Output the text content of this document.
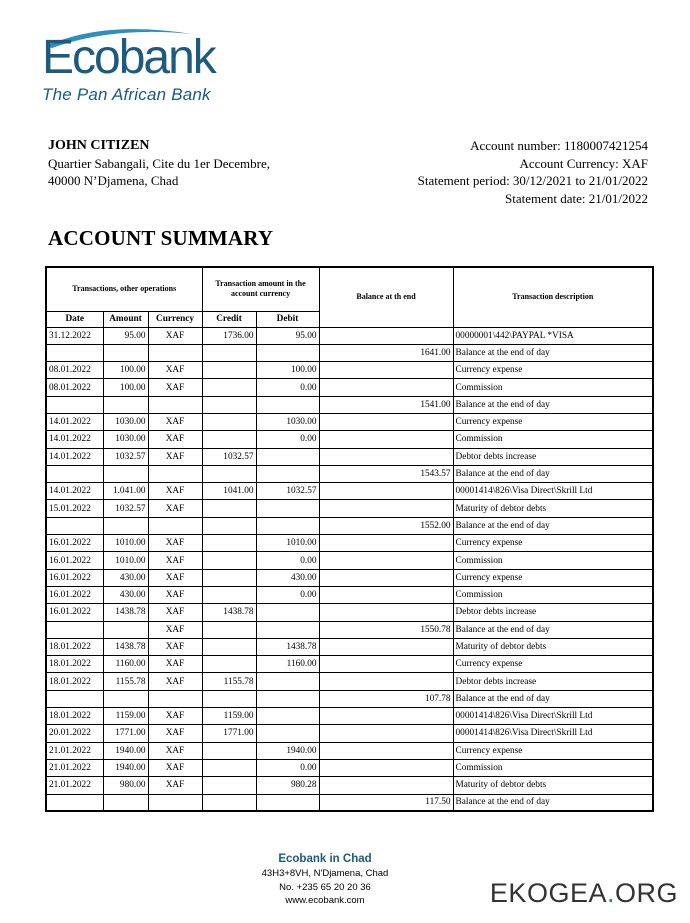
Ecobank
The Pan African Bank
JOHN CITIZEN
Quartier Sabangali, Cite du 1er Decembre,
40000 N’Djamena, Chad
Account number: 1180007421254
Account Currency: XAF
Statement period: 30/12/2021 to 21/01/2022
Statement date: 21/01/2022
ACCOUNT SUMMARY
Transactions, other operations			Transaction amount in the account currency		Balance at th end	Transaction description
Date	Amount	Currency	Credit	Debit		
31.12.2022	95.00	XAF	1736.00	95.00		00000001\442\PAYPAL *VISA
					1641.00	Balance at the end of day
08.01.2022	100.00	XAF		100.00		Currency expense
08.01.2022	100.00	XAF		0.00		Commission
					1541.00	Balance at the end of day
14.01.2022	1030.00	XAF		1030.00		Currency expense
14.01.2022	1030.00	XAF		0.00		Commission
14.01.2022	1032.57	XAF	1032.57			Debtor debts increase
					1543.57	Balance at the end of day
14.01.2022	1.041.00	XAF	1041.00	1032.57		00001414\826\Visa Direct\Skrill Ltd
15.01.2022	1032.57	XAF				Maturity of debtor debts
					1552.00	Balance at the end of day
16.01.2022	1010.00	XAF		1010.00		Currency expense
16.01.2022	1010.00	XAF		0.00		Commission
16.01.2022	430.00	XAF		430.00		Currency expense
16.01.2022	430.00	XAF		0.00		Commission
16.01.2022	1438.78	XAF	1438.78			Debtor debts increase
		XAF			1550.78	Balance at the end of day
18.01.2022	1438.78	XAF		1438.78		Maturity of debtor debts
18.01.2022	1160.00	XAF		1160.00		Currency expense
18.01.2022	1155.78	XAF	1155.78			Debtor debts increase
					107.78	Balance at the end of day
18.01.2022	1159.00	XAF	1159.00			00001414\826\Visa Direct\Skrill Ltd
20.01.2022	1771.00	XAF	1771.00			00001414\826\Visa Direct\Skrill Ltd
21.01.2022	1940.00	XAF		1940.00		Currency expense
21.01.2022	1940.00	XAF		0.00		Commission
21.01.2022	980.00	XAF		980.28		Maturity of debtor debts
					117.50	Balance at the end of day
Ecobank in Chad
43H3+8VH, N'Djamena, Chad
No. +235 65 20 20 36
www.ecobank.com	EKOGEA.ORG
